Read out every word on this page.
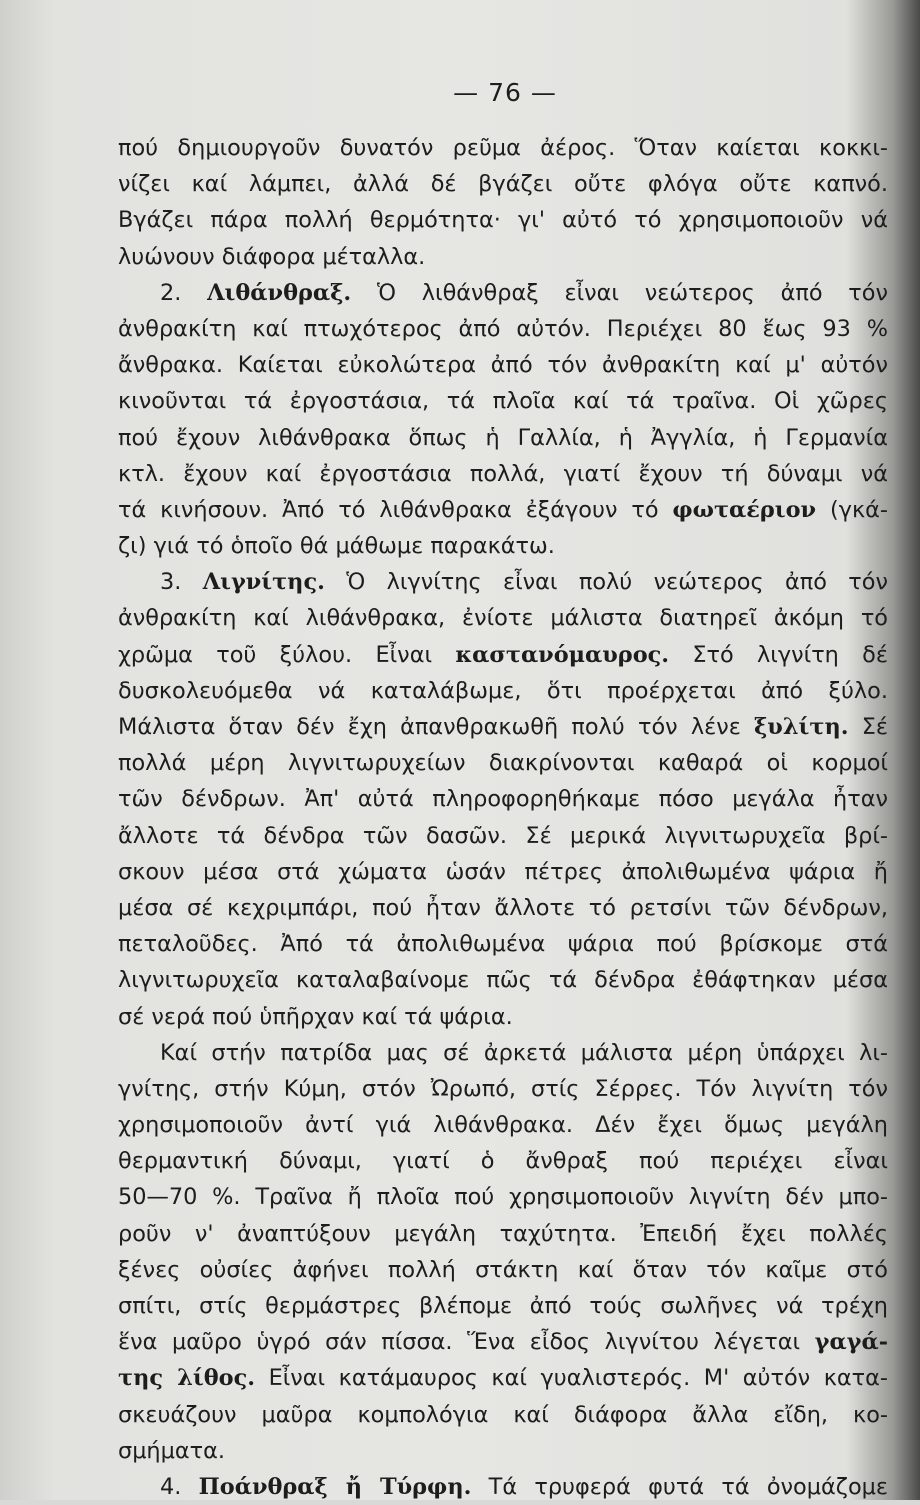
— 76 —
πού δημιουργοῦν δυνατόν ρεῦμα ἀέρος. Ὅταν καίεται κοκκι-
νίζει καί λάμπει, ἀλλά δέ βγάζει οὔτε φλόγα οὔτε καπνό.
Βγάζει πάρα πολλή θερμότητα· γι' αὐτό τό χρησιμοποιοῦν νά
λυώνουν διάφορα μέταλλα.
2. Λιθάνθραξ. Ὁ λιθάνθραξ εἶναι νεώτερος ἀπό τόν
ἀνθρακίτη καί πτωχότερος ἀπό αὐτόν. Περιέχει 80 ἕως 93 %
ἄνθρακα. Καίεται εὐκολώτερα ἀπό τόν ἀνθρακίτη καί μ' αὐτόν
κινοῦνται τά ἐργοστάσια, τά πλοῖα καί τά τραῖνα. Οἱ χῶρες
πού ἔχουν λιθάνθρακα ὅπως ἡ Γαλλία, ἡ Ἀγγλία, ἡ Γερμανία
κτλ. ἔχουν καί ἐργοστάσια πολλά, γιατί ἔχουν τή δύναμι νά
τά κινήσουν. Ἀπό τό λιθάνθρακα ἐξάγουν τό φωταέριον (γκά-
ζι) γιά τό ὁποῖο θά μάθωμε παρακάτω.
3. Λιγνίτης. Ὁ λιγνίτης εἶναι πολύ νεώτερος ἀπό τόν
ἀνθρακίτη καί λιθάνθρακα, ἐνίοτε μάλιστα διατηρεῖ ἀκόμη τό
χρῶμα τοῦ ξύλου. Εἶναι καστανόμαυρος. Στό λιγνίτη δέ
δυσκολευόμεθα νά καταλάβωμε, ὅτι προέρχεται ἀπό ξύλο.
Μάλιστα ὅταν δέν ἔχη ἀπανθρακωθῆ πολύ τόν λένε ξυλίτη. Σέ
πολλά μέρη λιγνιτωρυχείων διακρίνονται καθαρά οἱ κορμοί
τῶν δένδρων. Ἀπ' αὐτά πληροφορηθήκαμε πόσο μεγάλα ἦταν
ἄλλοτε τά δένδρα τῶν δασῶν. Σέ μερικά λιγνιτωρυχεῖα βρί-
σκουν μέσα στά χώματα ὡσάν πέτρες ἀπολιθωμένα ψάρια ἤ
μέσα σέ κεχριμπάρι, πού ἦταν ἄλλοτε τό ρετσίνι τῶν δένδρων,
πεταλοῦδες. Ἀπό τά ἀπολιθωμένα ψάρια πού βρίσκομε στά
λιγνιτωρυχεῖα καταλαβαίνομε πῶς τά δένδρα ἐθάφτηκαν μέσα
σέ νερά πού ὑπῆρχαν καί τά ψάρια.
Καί στήν πατρίδα μας σέ ἀρκετά μάλιστα μέρη ὑπάρχει λι-
γνίτης, στήν Κύμη, στόν Ὠρωπό, στίς Σέρρες. Τόν λιγνίτη τόν
χρησιμοποιοῦν ἀντί γιά λιθάνθρακα. Δέν ἔχει ὅμως μεγάλη
θερμαντική δύναμι, γιατί ὁ ἄνθραξ πού περιέχει εἶναι
50—70 %. Τραῖνα ἤ πλοῖα πού χρησιμοποιοῦν λιγνίτη δέν μπο-
ροῦν ν' ἀναπτύξουν μεγάλη ταχύτητα. Ἐπειδή ἔχει πολλές
ξένες οὐσίες ἀφήνει πολλή στάκτη καί ὅταν τόν καῖμε στό
σπίτι, στίς θερμάστρες βλέπομε ἀπό τούς σωλῆνες νά τρέχη
ἕνα μαῦρο ὑγρό σάν πίσσα. Ἕνα εἶδος λιγνίτου λέγεται γαγά-
της λίθος. Εἶναι κατάμαυρος καί γυαλιστερός. Μ' αὐτόν κατα-
σκευάζουν μαῦρα κομπολόγια καί διάφορα ἄλλα εἴδη, κο-
σμήματα.
4. Ποάνθραξ ἤ Τύρφη. Τά τρυφερά φυτά τά ὀνομάζομε
